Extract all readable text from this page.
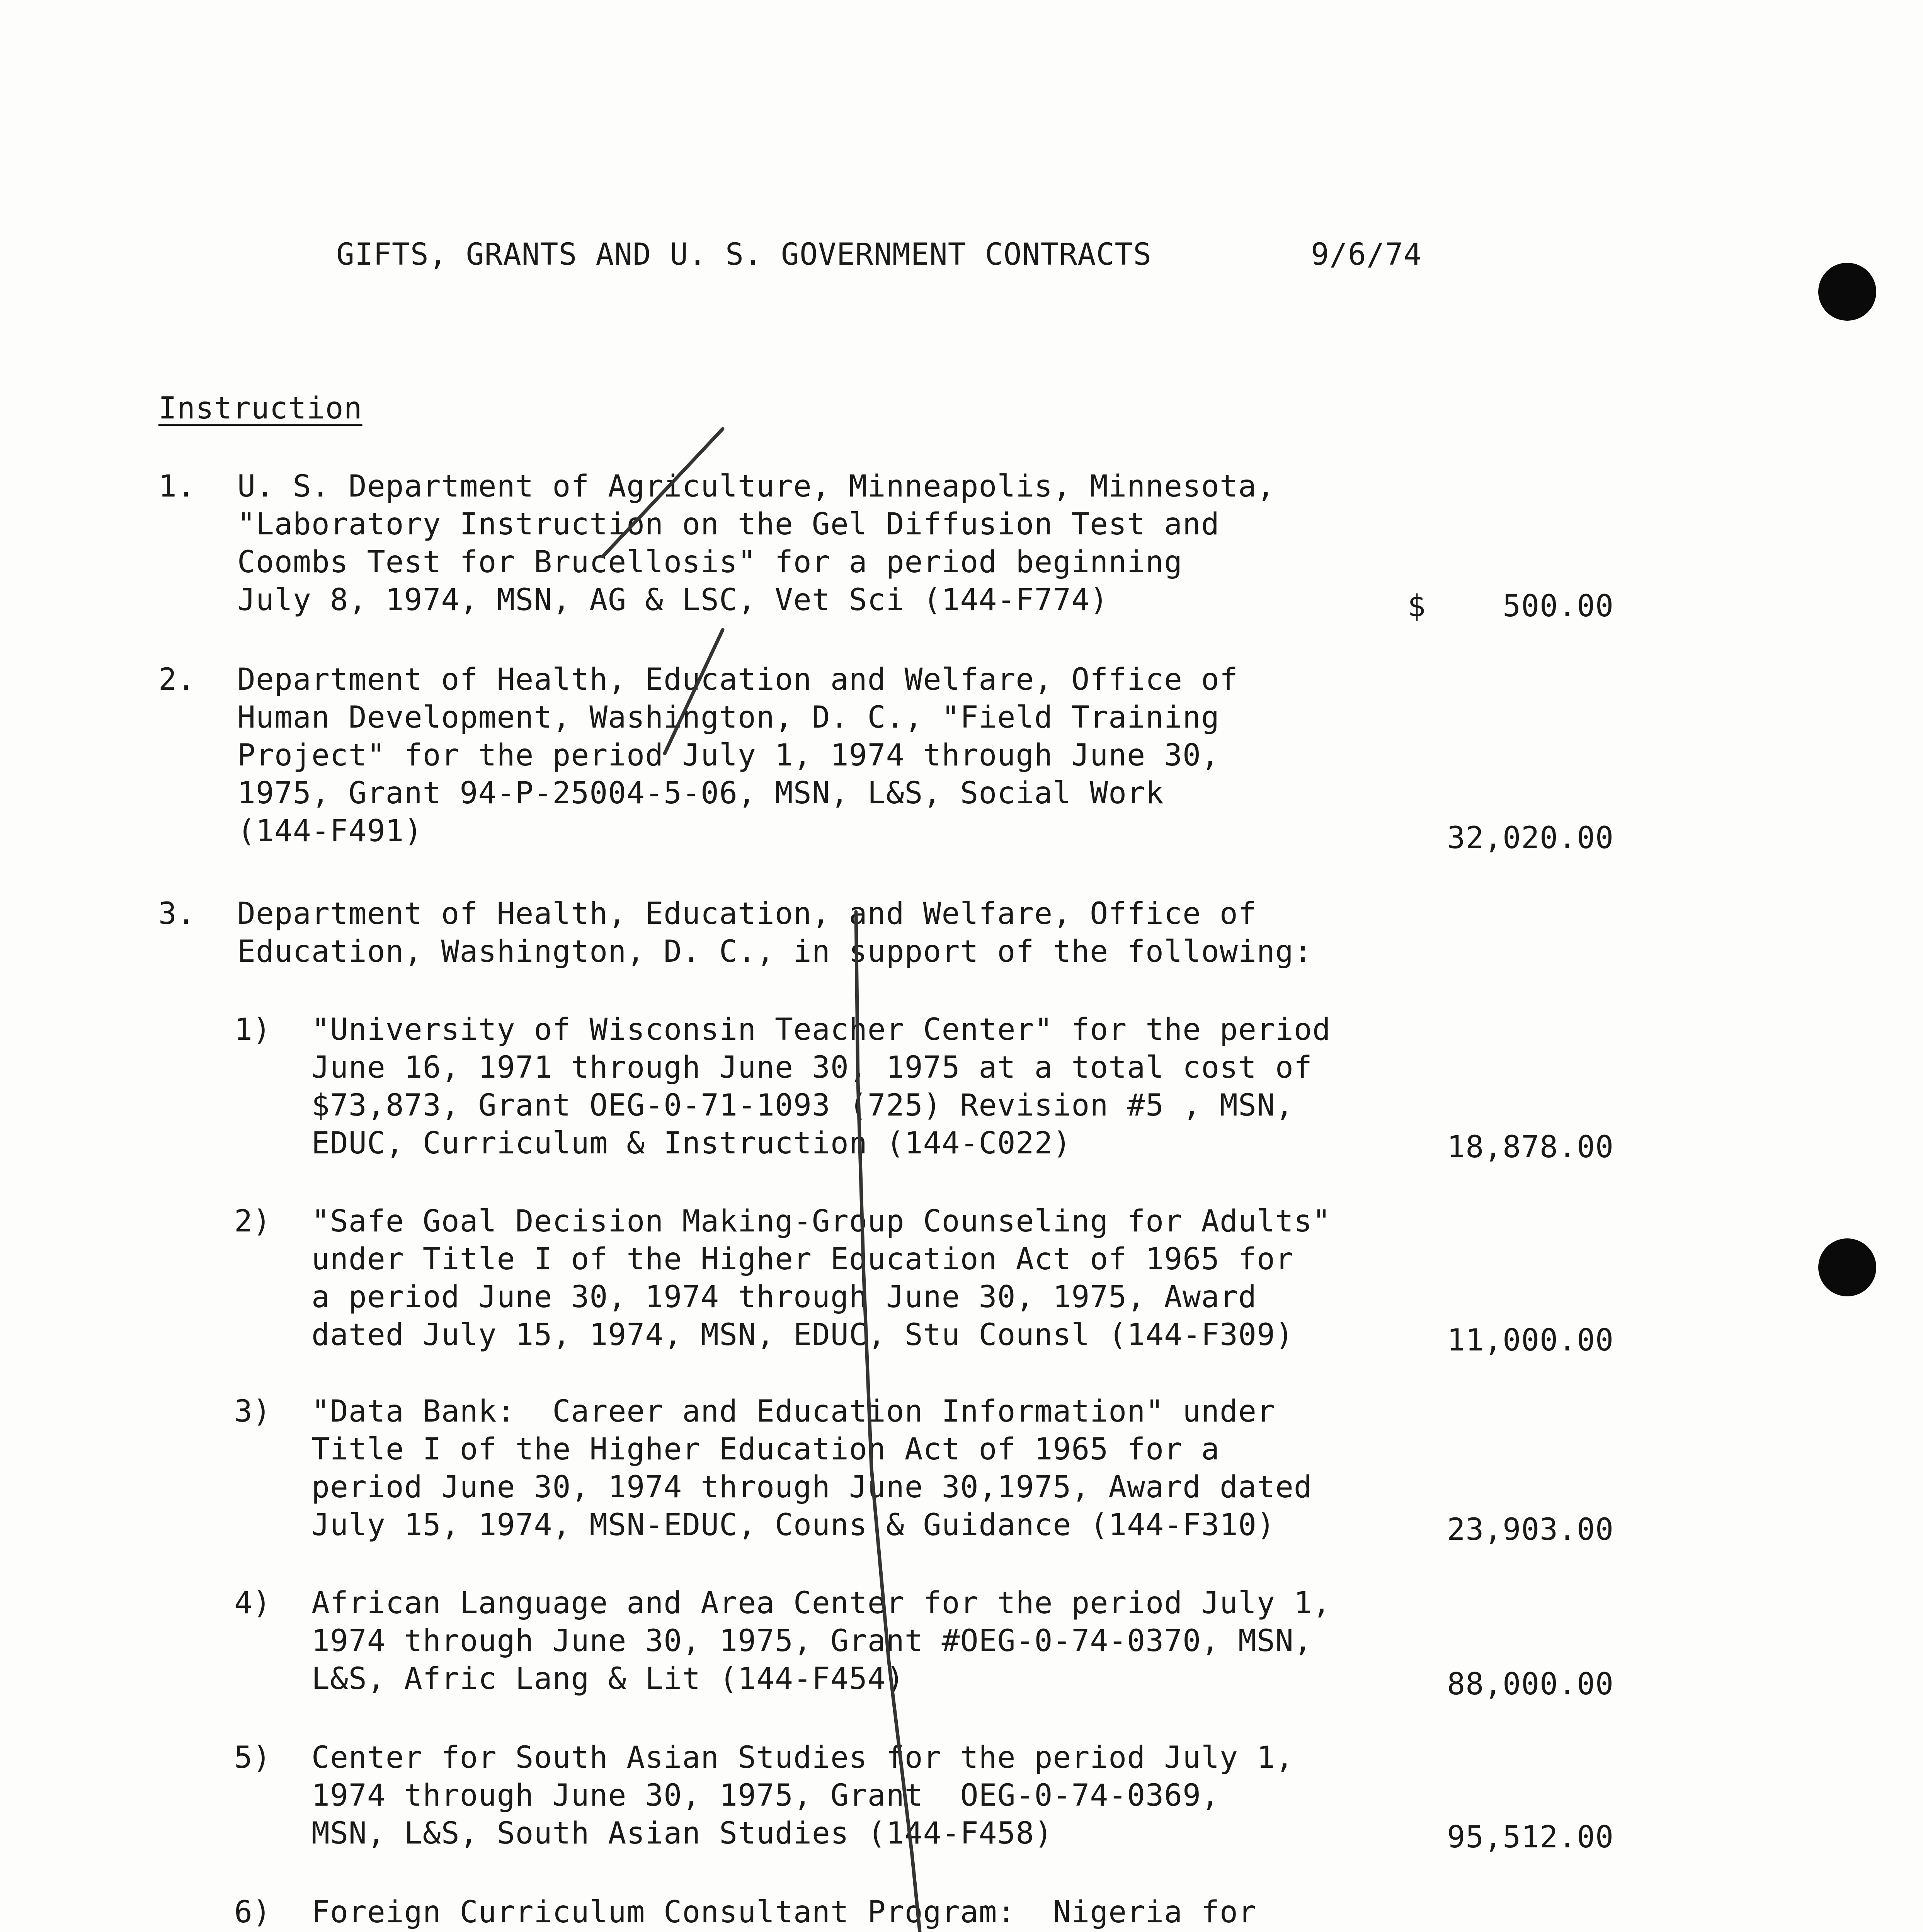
GIFTS, GRANTS AND U. S. GOVERNMENT CONTRACTS	9/6/74
Instruction
1. U. S. Department of Agriculture, Minneapolis, Minnesota,
"Laboratory Instruction on the Gel Diffusion Test and
Coombs Test for Brucellosis" for a period beginning
July 8, 1974, MSN, AG & LSC, Vet Sci (144-F774)	$	500.00
2. Department of Health, Education and Welfare, Office of
Human Development, Washington, D. C., "Field Training
Project" for the period July 1, 1974 through June 30,
1975, Grant 94-P-25004-5-06, MSN, L&S, Social Work
(144-F491)	32,020.00
3. Department of Health, Education, and Welfare, Office of
Education, Washington, D. C., in support of the following:
1) "University of Wisconsin Teacher Center" for the period
June 16, 1971 through June 30, 1975 at a total cost of
$73,873, Grant OEG-0-71-1093 (725) Revision #5 , MSN,
EDUC, Curriculum & Instruction (144-C022)	18,878.00
2) "Safe Goal Decision Making-Group Counseling for Adults"
under Title I of the Higher Education Act of 1965 for
a period June 30, 1974 through June 30, 1975, Award
dated July 15, 1974, MSN, EDUC, Stu Counsl (144-F309)	11,000.00
3) "Data Bank:  Career and Education Information" under
Title I of the Higher Education Act of 1965 for a
period June 30, 1974 through June 30,1975, Award dated
July 15, 1974, MSN-EDUC, Couns & Guidance (144-F310)	23,903.00
4) African Language and Area Center for the period July 1,
1974 through June 30, 1975, Grant #OEG-0-74-0370, MSN,
L&S, Afric Lang & Lit (144-F454)	88,000.00
5) Center for South Asian Studies for the period July 1,
1974 through June 30, 1975, Grant  OEG-0-74-0369,
MSN, L&S, South Asian Studies (144-F458)	95,512.00
6) Foreign Curriculum Consultant Program:  Nigeria for
